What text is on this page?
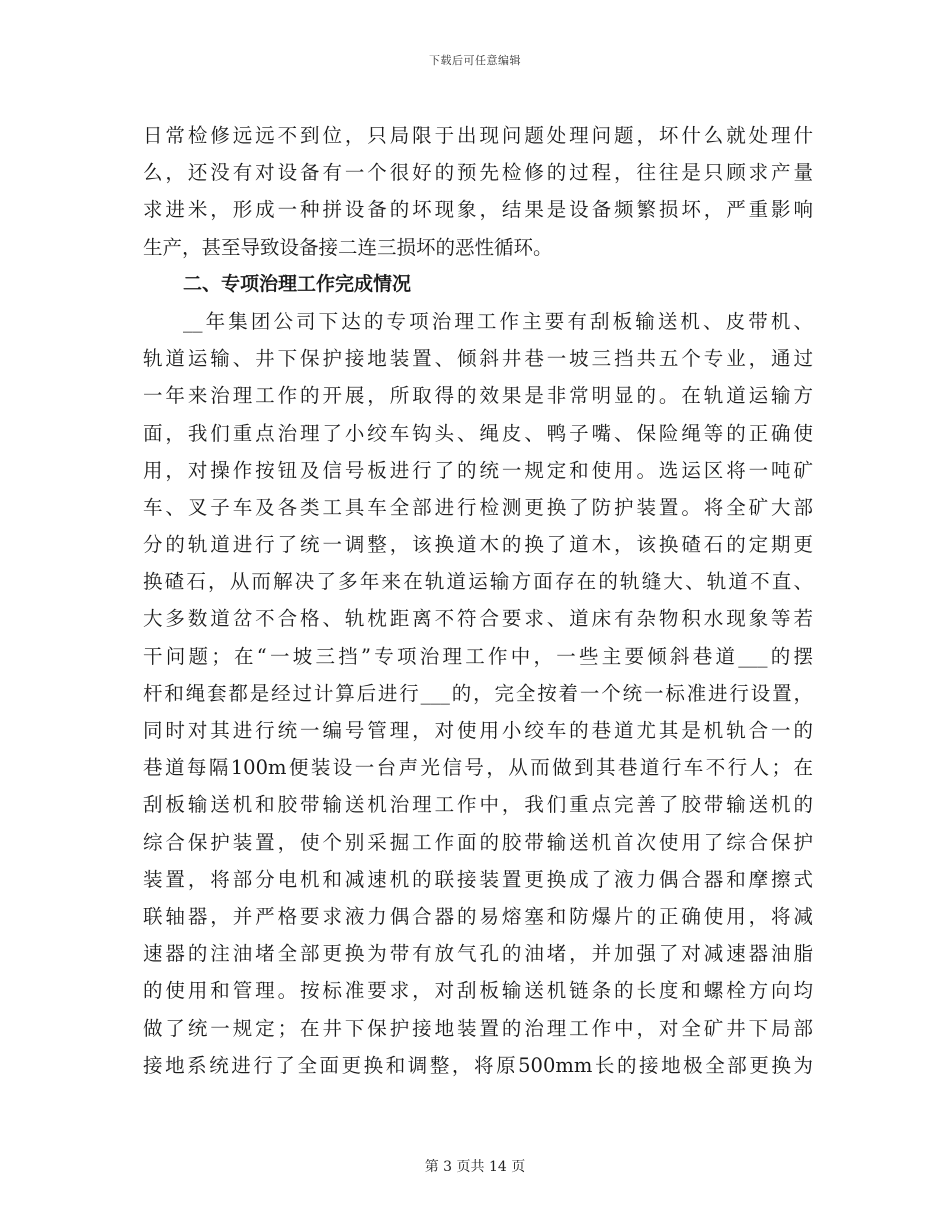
下载后可任意编辑
日常检修远远不到位，只局限于出现问题处理问题，坏什么就处理什
么，还没有对设备有一个很好的预先检修的过程，往往是只顾求产量
求进米，形成一种拼设备的坏现象，结果是设备频繁损坏，严重影响
生产，甚至导致设备接二连三损坏的恶性循环。
二、专项治理工作完成情况
__年集团公司下达的专项治理工作主要有刮板输送机、皮带机、
轨道运输、井下保护接地装置、倾斜井巷一坡三挡共五个专业，通过
一年来治理工作的开展，所取得的效果是非常明显的。在轨道运输方
面，我们重点治理了小绞车钩头、绳皮、鸭子嘴、保险绳等的正确使
用，对操作按钮及信号板进行了的统一规定和使用。选运区将一吨矿
车、叉子车及各类工具车全部进行检测更换了防护装置。将全矿大部
分的轨道进行了统一调整，该换道木的换了道木，该换碴石的定期更
换碴石，从而解决了多年来在轨道运输方面存在的轨缝大、轨道不直、
大多数道岔不合格、轨枕距离不符合要求、道床有杂物积水现象等若
干问题；在“一坡三挡”专项治理工作中，一些主要倾斜巷道___的摆
杆和绳套都是经过计算后进行___的，完全按着一个统一标准进行设置，
同时对其进行统一编号管理，对使用小绞车的巷道尤其是机轨合一的
巷道每隔100m便装设一台声光信号，从而做到其巷道行车不行人；在
刮板输送机和胶带输送机治理工作中，我们重点完善了胶带输送机的
综合保护装置，使个别采掘工作面的胶带输送机首次使用了综合保护
装置，将部分电机和减速机的联接装置更换成了液力偶合器和摩擦式
联轴器，并严格要求液力偶合器的易熔塞和防爆片的正确使用，将减
速器的注油堵全部更换为带有放气孔的油堵，并加强了对减速器油脂
的使用和管理。按标准要求，对刮板输送机链条的长度和螺栓方向均
做了统一规定；在井下保护接地装置的治理工作中，对全矿井下局部
接地系统进行了全面更换和调整，将原500mm长的接地极全部更换为
第 3 页共 14 页
